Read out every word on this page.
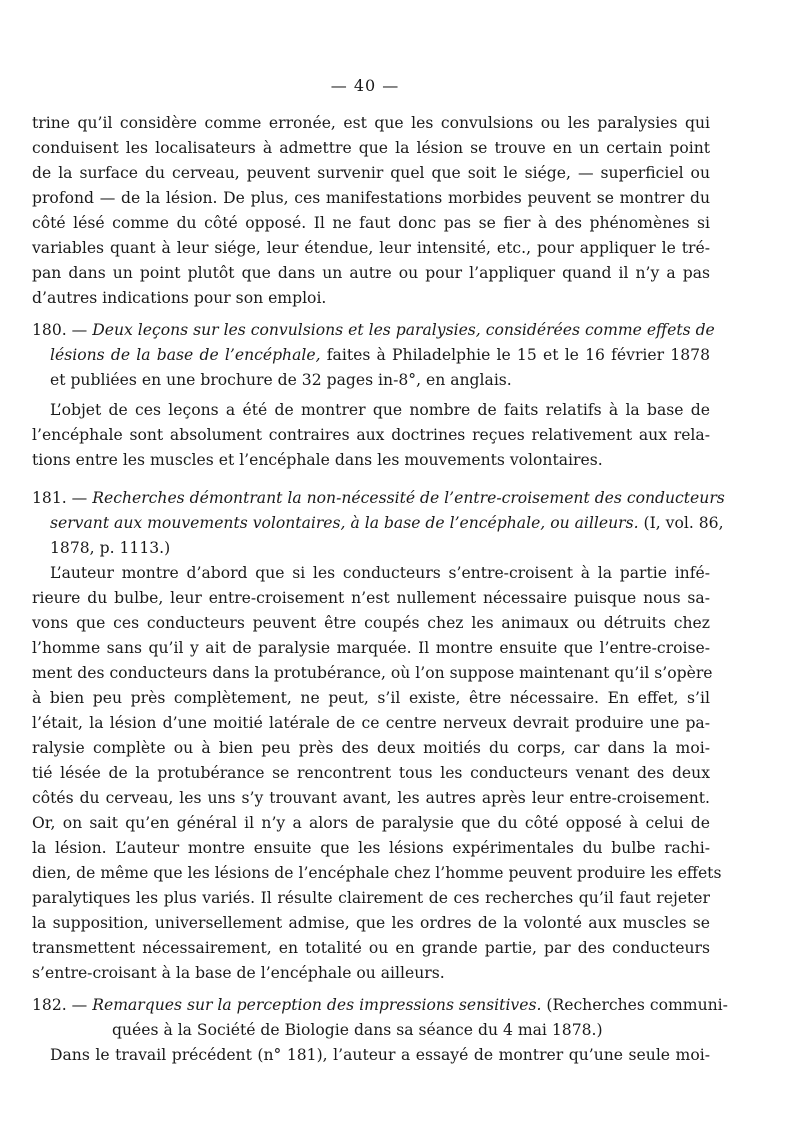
— 40 —
trine qu’il considère comme erronée, est que les convulsions ou les paralysies qui
conduisent les localisateurs à admettre que la lésion se trouve en un certain point
de la surface du cerveau, peuvent survenir quel que soit le siége, — superficiel ou
profond — de la lésion. De plus, ces manifestations morbides peuvent se montrer du
côté lésé comme du côté opposé. Il ne faut donc pas se fier à des phénomènes si
variables quant à leur siége, leur étendue, leur intensité, etc., pour appliquer le tré-
pan dans un point plutôt que dans un autre ou pour l’appliquer quand il n’y a pas
d’autres indications pour son emploi.
180. — Deux leçons sur les convulsions et les paralysies, considérées comme effets de
lésions de la base de l’encéphale, faites à Philadelphie le 15 et le 16 février 1878
et publiées en une brochure de 32 pages in-8°, en anglais.
L’objet de ces leçons a été de montrer que nombre de faits relatifs à la base de
l’encéphale sont absolument contraires aux doctrines reçues relativement aux rela-
tions entre les muscles et l’encéphale dans les mouvements volontaires.
181. — Recherches démontrant la non-nécessité de l’entre-croisement des conducteurs
servant aux mouvements volontaires, à la base de l’encéphale, ou ailleurs. (I, vol. 86,
1878, p. 1113.)
L’auteur montre d’abord que si les conducteurs s’entre-croisent à la partie infé-
rieure du bulbe, leur entre-croisement n’est nullement nécessaire puisque nous sa-
vons que ces conducteurs peuvent être coupés chez les animaux ou détruits chez
l’homme sans qu’il y ait de paralysie marquée. Il montre ensuite que l’entre-croise-
ment des conducteurs dans la protubérance, où l’on suppose maintenant qu’il s’opère
à bien peu près complètement, ne peut, s’il existe, être nécessaire. En effet, s’il
l’était, la lésion d’une moitié latérale de ce centre nerveux devrait produire une pa-
ralysie complète ou à bien peu près des deux moitiés du corps, car dans la moi-
tié lésée de la protubérance se rencontrent tous les conducteurs venant des deux
côtés du cerveau, les uns s’y trouvant avant, les autres après leur entre-croisement.
Or, on sait qu’en général il n’y a alors de paralysie que du côté opposé à celui de
la lésion. L’auteur montre ensuite que les lésions expérimentales du bulbe rachi-
dien, de même que les lésions de l’encéphale chez l’homme peuvent produire les effets
paralytiques les plus variés. Il résulte clairement de ces recherches qu’il faut rejeter
la supposition, universellement admise, que les ordres de la volonté aux muscles se
transmettent nécessairement, en totalité ou en grande partie, par des conducteurs
s’entre-croisant à la base de l’encéphale ou ailleurs.
182. — Remarques sur la perception des impressions sensitives. (Recherches communi-
quées à la Société de Biologie dans sa séance du 4 mai 1878.)
Dans le travail précédent (n° 181), l’auteur a essayé de montrer qu’une seule moi-
